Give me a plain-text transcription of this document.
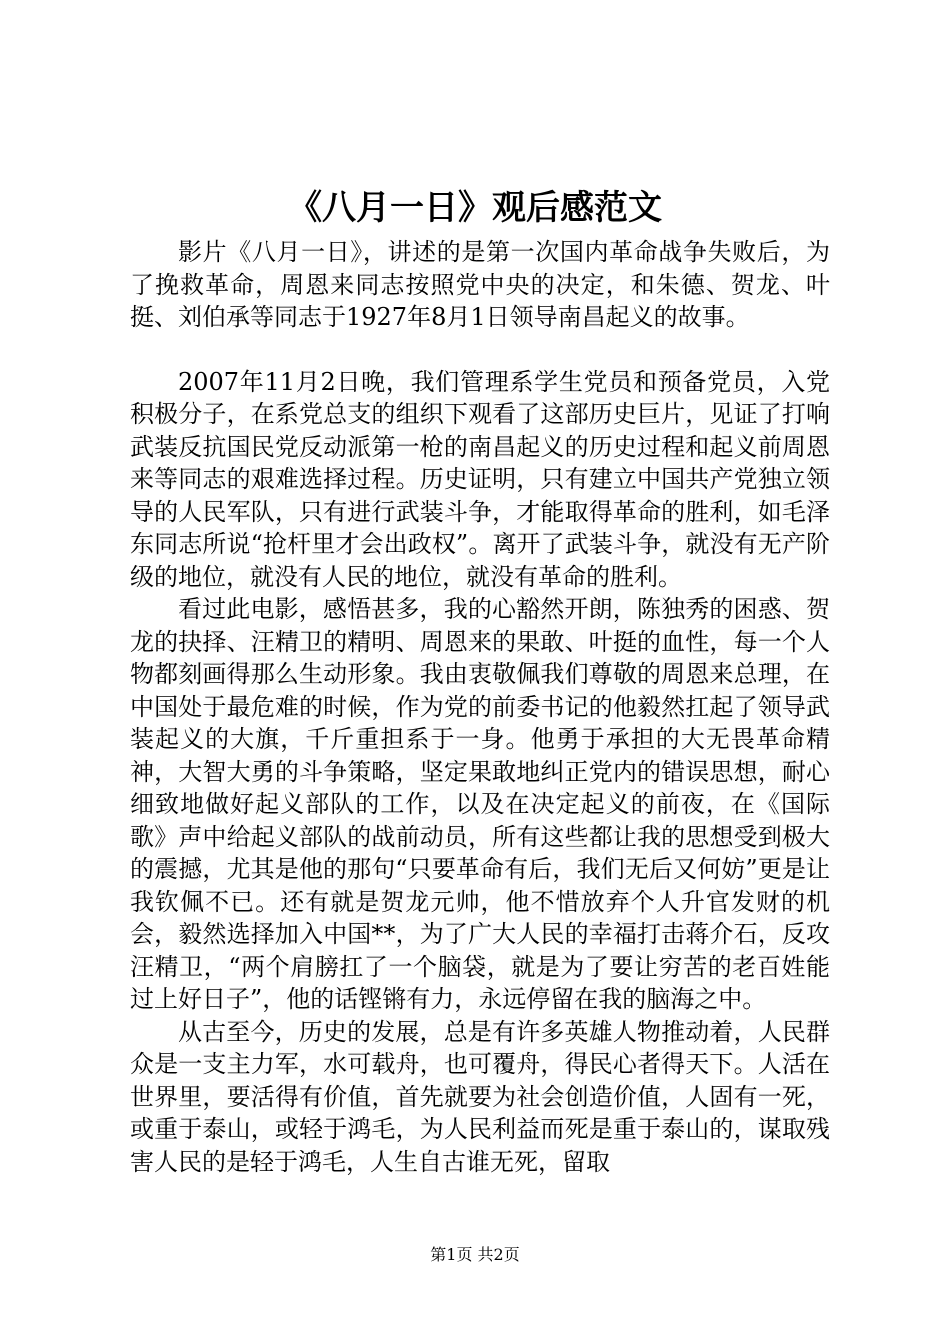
《八月一日》观后感范文

影片《八月一日》，讲述的是第一次国内革命战争失败后，为了挽救革命，周恩来同志按照党中央的决定，和朱德、贺龙、叶挺、刘伯承等同志于1927年8月1日领导南昌起义的故事。

2007年11月2日晚，我们管理系学生党员和预备党员，入党积极分子，在系党总支的组织下观看了这部历史巨片，见证了打响武装反抗国民党反动派第一枪的南昌起义的历史过程和起义前周恩来等同志的艰难选择过程。历史证明，只有建立中国共产党独立领导的人民军队，只有进行武装斗争，才能取得革命的胜利，如毛泽东同志所说“抢杆里才会出政权”。离开了武装斗争，就没有无产阶级的地位，就没有人民的地位，就没有革命的胜利。

看过此电影，感悟甚多，我的心豁然开朗，陈独秀的困惑、贺龙的抉择、汪精卫的精明、周恩来的果敢、叶挺的血性，每一个人物都刻画得那么生动形象。我由衷敬佩我们尊敬的周恩来总理，在中国处于最危难的时候，作为党的前委书记的他毅然扛起了领导武装起义的大旗，千斤重担系于一身。他勇于承担的大无畏革命精神，大智大勇的斗争策略，坚定果敢地纠正党内的错误思想，耐心细致地做好起义部队的工作，以及在决定起义的前夜，在《国际歌》声中给起义部队的战前动员，所有这些都让我的思想受到极大的震撼，尤其是他的那句“只要革命有后，我们无后又何妨”更是让我钦佩不已。还有就是贺龙元帅，他不惜放弃个人升官发财的机会，毅然选择加入中国**，为了广大人民的幸福打击蒋介石，反攻汪精卫，“两个肩膀扛了一个脑袋，就是为了要让穷苦的老百姓能过上好日子”，他的话铿锵有力，永远停留在我的脑海之中。

从古至今，历史的发展，总是有许多英雄人物推动着，人民群众是一支主力军，水可载舟，也可覆舟，得民心者得天下。人活在世界里，要活得有价值，首先就要为社会创造价值，人固有一死，或重于泰山，或轻于鸿毛，为人民利益而死是重于泰山的，谋取残害人民的是轻于鸿毛，人生自古谁无死，留取

第1页 共2页
